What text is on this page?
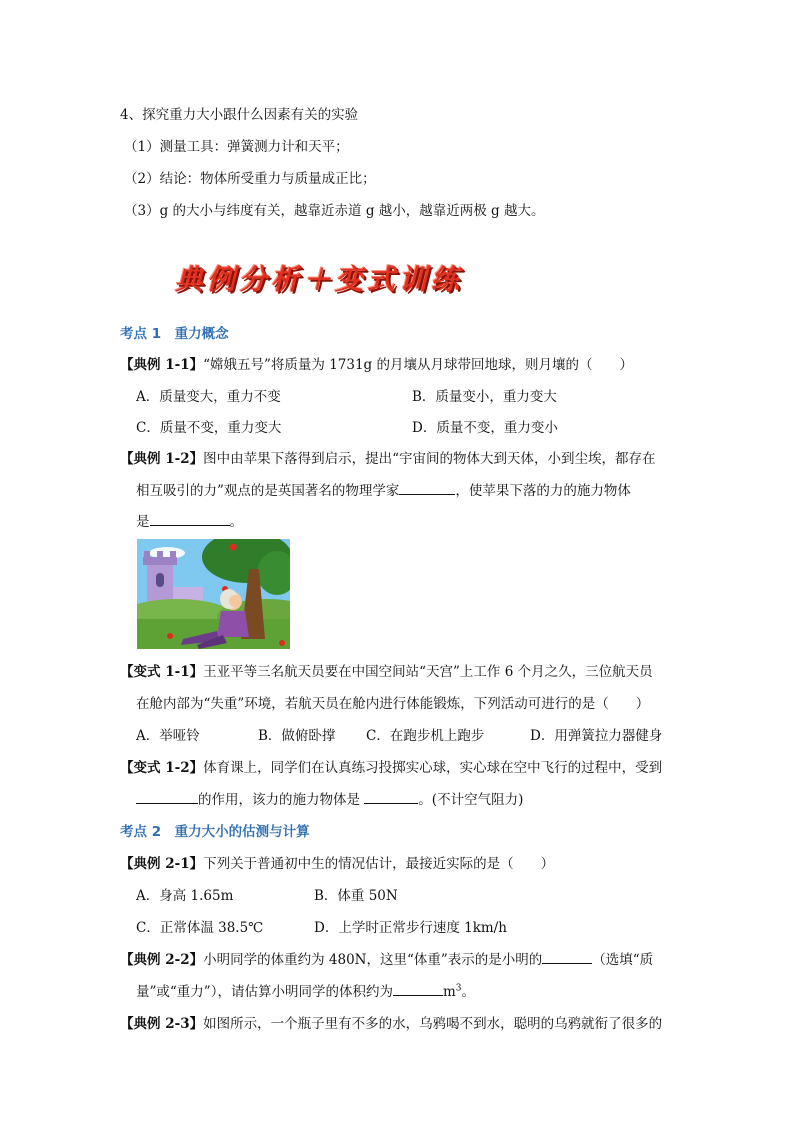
4、探究重力大小跟什么因素有关的实验
（1）测量工具：弹簧测力计和天平；
（2）结论：物体所受重力与质量成正比；
（3）g 的大小与纬度有关，越靠近赤道 g 越小，越靠近两极 g 越大。
典例分析＋变式训练
考点 1　重力概念
【典例 1-1】“嫦娥五号”将质量为 1731g 的月壤从月球带回地球，则月壤的（　　）
A．质量变大，重力不变	B．质量变小，重力变大
C．质量不变，重力变大	D．质量不变，重力变小
【典例 1-2】图中由苹果下落得到启示，提出“宇宙间的物体大到天体，小到尘埃，都存在
相互吸引的力”观点的是英国著名的物理学家	，使苹果下落的力的施力物体
是	。
【变式 1-1】王亚平等三名航天员要在中国空间站“天宫”上工作 6 个月之久，三位航天员
在舱内部为“失重”环境，若航天员在舱内进行体能锻炼，下列活动可进行的是（　　）
A．举哑铃	B．做俯卧撑 C．在跑步机上跑步	D．用弹簧拉力器健身
【变式 1-2】体育课上，同学们在认真练习投掷实心球，实心球在空中飞行的过程中，受到
的作用，该力的施力物体是	。(不计空气阻力)
考点 2　重力大小的估测与计算
【典例 2-1】下列关于普通初中生的情况估计，最接近实际的是（　　）
A．身高 1.65m	B．体重 50N
C．正常体温 38.5℃	D．上学时正常步行速度 1km/h
【典例 2-2】小明同学的体重约为 480N，这里“体重”表示的是小明的	（选填“质
量”或“重力”），请估算小明同学的体积约为	$m^3$。
【典例 2-3】如图所示，一个瓶子里有不多的水，乌鸦喝不到水，聪明的乌鸦就衔了很多的
